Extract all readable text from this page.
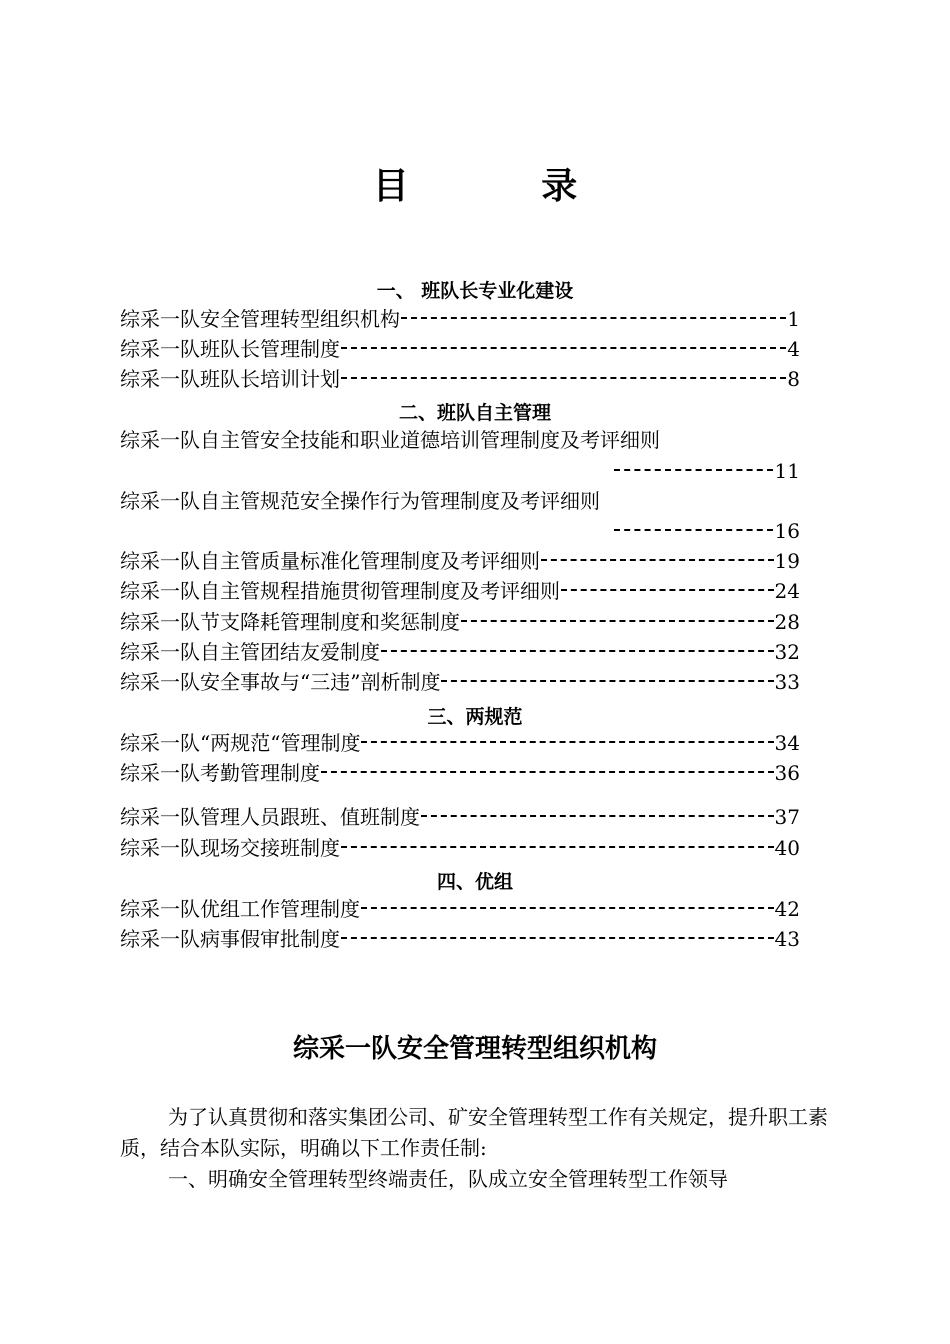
目 录
一、 班队长专业化建设
综采一队安全管理转型组织机构	1
综采一队班队长管理制度	4
综采一队班队长培训计划	8
二、班队自主管理
综采一队自主管安全技能和职业道德培训管理制度及考评细则
11
综采一队自主管规范安全操作行为管理制度及考评细则
16
综采一队自主管质量标准化管理制度及考评细则	19
综采一队自主管规程措施贯彻管理制度及考评细则	24
综采一队节支降耗管理制度和奖惩制度	28
综采一队自主管团结友爱制度	32
综采一队安全事故与“三违”剖析制度	33
三、两规范
综采一队“两规范“管理制度	34
综采一队考勤管理制度	36
综采一队管理人员跟班、值班制度	37
综采一队现场交接班制度	40
四、优组
综采一队优组工作管理制度	42
综采一队病事假审批制度	43
综采一队安全管理转型组织机构
为了认真贯彻和落实集团公司、矿安全管理转型工作有关规定，提升职工素质，结合本队实际，明确以下工作责任制:
一、明确安全管理转型终端责任，队成立安全管理转型工作领导
